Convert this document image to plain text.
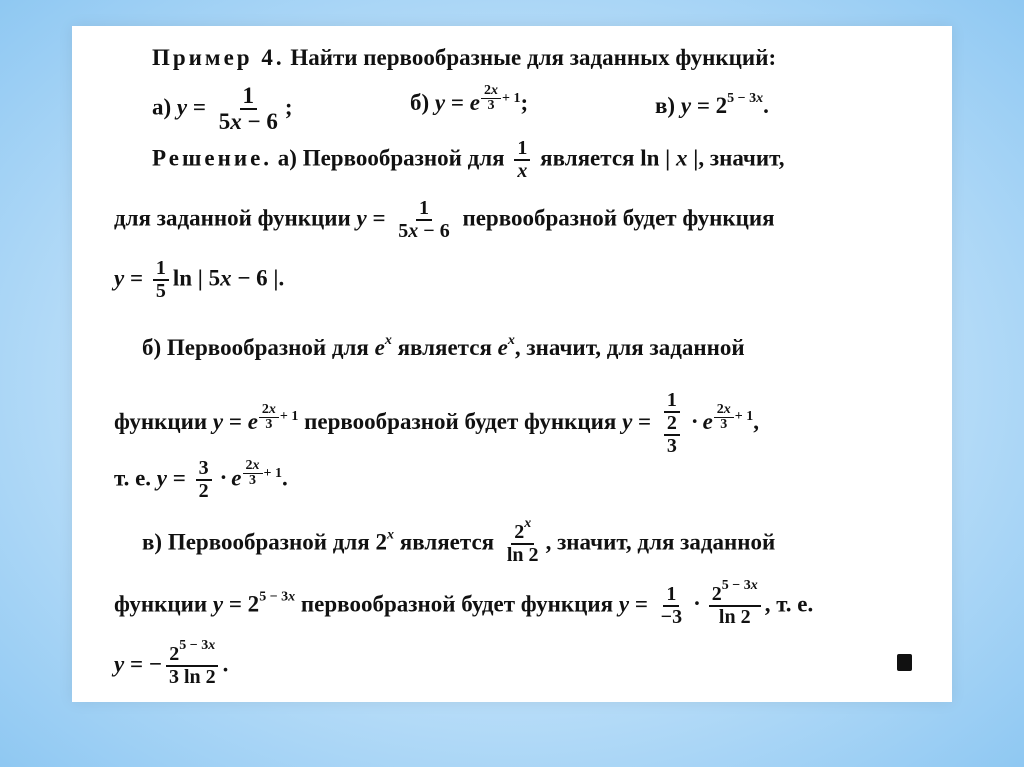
Пример 4. Найти первообразные для заданных функций:
а) $y = \frac{1}{5x - 6}$ ;	б) y = e $\frac{2x}{3} + 1$;	в) $y = 2^{5 - 3x}$.
Решение. а) Первообразной для $\frac{1}{x}$ является ln | x |, значит,
для заданной функции $y = \frac{1}{5x - 6}$ первообразной будет функция
$y = \frac{1}{5}$ ln | 5x − 6 |.
б) Первообразной для $e^x$ является $e^x$, значит, для заданной
функции y = e $\frac{2x}{3} + 1$ первообразной будет функция $y = \frac{1}{\frac{2}{3}} \cdot e \frac{2x}{3} + 1$,
т. е. $y = \frac{3}{2} \cdot e \frac{2x}{3} + 1$.
в) Первообразной для 2$^x$ является $\frac{2^x}{\ln 2}$ , значит, для заданной
функции $y = 2^{5 - 3x}$ первообразной будет функция $y = \frac{1}{-3} \cdot \frac{2^{5 - 3x}}{\ln 2}$ , т. е.
y = − $\frac{2^{5 - 3x}}{3 \ln 2}$ .
